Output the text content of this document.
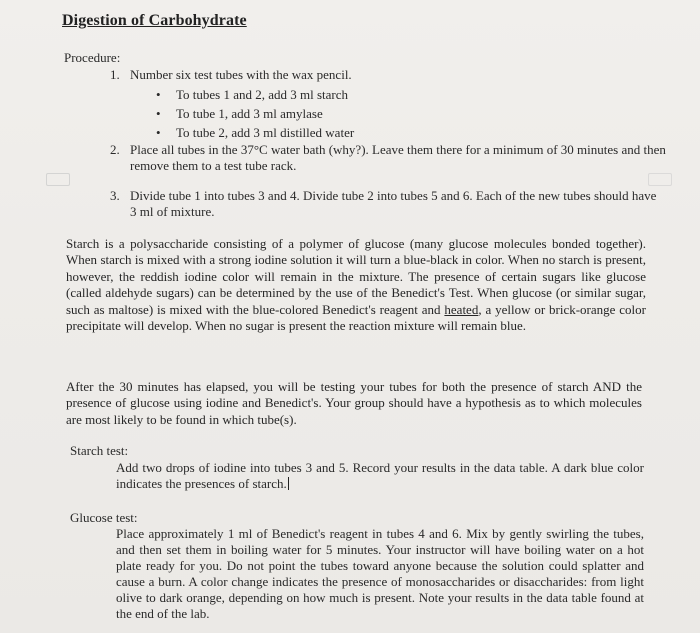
Digestion of Carbohydrate

Procedure:

1. Number six test tubes with the wax pencil.
• To tubes 1 and 2, add 3 ml starch
• To tube 1, add 3 ml amylase
• To tube 2, add 3 ml distilled water
2. Place all tubes in the 37°C water bath (why?). Leave them there for a minimum of 30 minutes and then remove them to a test tube rack.
3. Divide tube 1 into tubes 3 and 4. Divide tube 2 into tubes 5 and 6. Each of the new tubes should have 3 ml of mixture.

Starch is a polysaccharide consisting of a polymer of glucose (many glucose molecules bonded together). When starch is mixed with a strong iodine solution it will turn a blue-black in color. When no starch is present, however, the reddish iodine color will remain in the mixture. The presence of certain sugars like glucose (called aldehyde sugars) can be determined by the use of the Benedict's Test. When glucose (or similar sugar, such as maltose) is mixed with the blue-colored Benedict's reagent and heated, a yellow or brick-orange color precipitate will develop. When no sugar is present the reaction mixture will remain blue.

After the 30 minutes has elapsed, you will be testing your tubes for both the presence of starch AND the presence of glucose using iodine and Benedict's. Your group should have a hypothesis as to which molecules are most likely to be found in which tube(s).

Starch test:

Add two drops of iodine into tubes 3 and 5. Record your results in the data table. A dark blue color indicates the presences of starch.

Glucose test:

Place approximately 1 ml of Benedict's reagent in tubes 4 and 6. Mix by gently swirling the tubes, and then set them in boiling water for 5 minutes. Your instructor will have boiling water on a hot plate ready for you. Do not point the tubes toward anyone because the solution could splatter and cause a burn. A color change indicates the presence of monosaccharides or disaccharides: from light olive to dark orange, depending on how much is present. Note your results in the data table found at the end of the lab.
